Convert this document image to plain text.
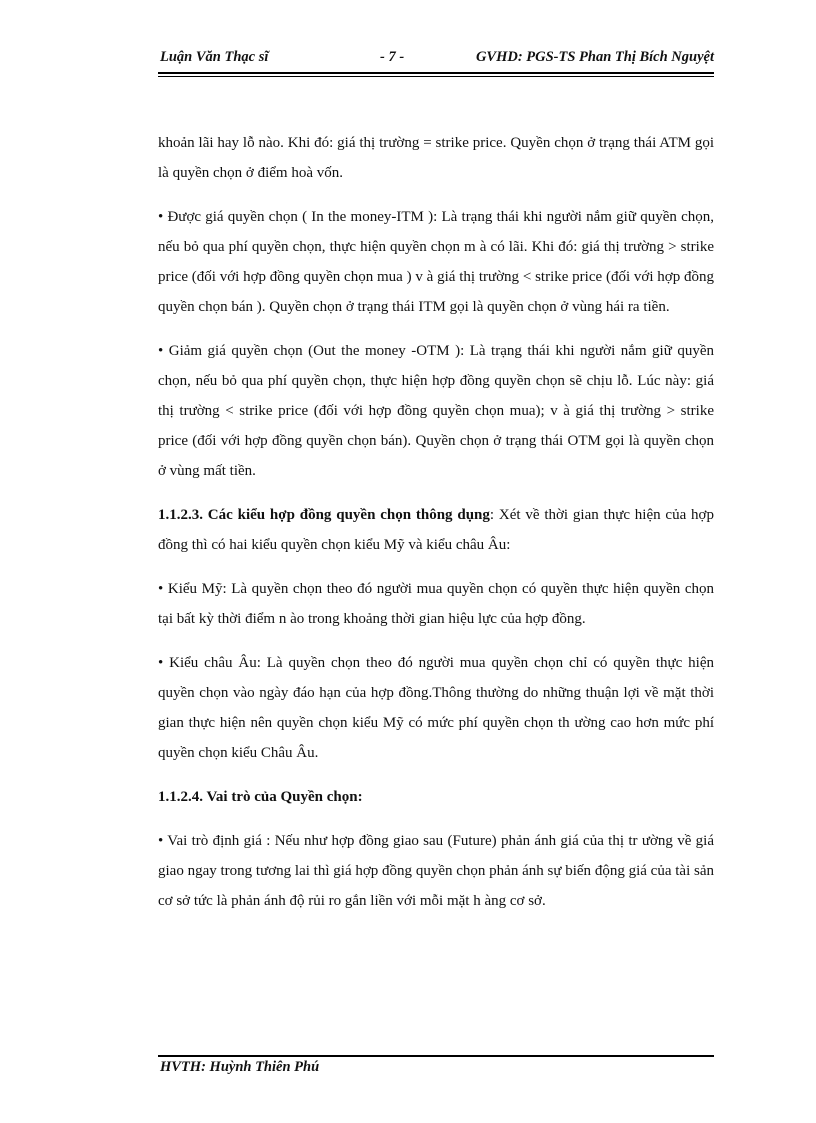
Luận Văn Thạc sĩ	- 7 -	GVHD: PGS-TS Phan Thị Bích Nguyệt

khoản lãi hay lỗ nào. Khi đó: giá thị trường = strike price. Quyền chọn ở trạng thái ATM gọi là quyền chọn ở điểm hoà vốn.

• Được giá quyền chọn ( In the money-ITM ): Là trạng thái khi người nắm giữ quyền chọn, nếu bỏ qua phí quyền chọn, thực hiện quyền chọn m à có lãi. Khi đó: giá thị trường > strike price (đối với hợp đồng quyền chọn mua ) v à giá thị trường < strike price (đối với hợp đồng quyền chọn bán ). Quyền chọn ở trạng thái ITM gọi là quyền chọn ở vùng hái ra tiền.

• Giảm giá quyền chọn (Out the money -OTM ): Là trạng thái khi người nắm giữ quyền chọn, nếu bỏ qua phí quyền chọn, thực hiện hợp đồng quyền chọn sẽ chịu lỗ. Lúc này: giá thị trường < strike price (đối với hợp đồng quyền chọn mua); v à giá thị trường > strike price (đối với hợp đồng quyền chọn bán). Quyền chọn ở trạng thái OTM gọi là quyền chọn ở vùng mất tiền.

1.1.2.3. Các kiểu hợp đồng quyền chọn thông dụng: Xét về thời gian thực hiện của hợp đồng thì có hai kiểu quyền chọn kiểu Mỹ và kiểu châu Âu:

• Kiểu Mỹ: Là quyền chọn theo đó người mua quyền chọn có quyền thực hiện quyền chọn tại bất kỳ thời điểm n ào trong khoảng thời gian hiệu lực của hợp đồng.

• Kiểu châu Âu: Là quyền chọn theo đó người mua quyền chọn chỉ có quyền thực hiện quyền chọn vào ngày đáo hạn của hợp đồng.Thông thường do những thuận lợi về mặt thời gian thực hiện nên quyền chọn kiểu Mỹ có mức phí quyền chọn th ường cao hơn mức phí quyền chọn kiểu Châu Âu.

1.1.2.4. Vai trò của Quyền chọn:

• Vai trò định giá : Nếu như hợp đồng giao sau (Future) phản ánh giá của thị tr ường về giá giao ngay trong tương lai thì giá hợp đồng quyền chọn phản ánh sự biến động giá của tài sản cơ sở tức là phản ánh độ rủi ro gắn liền với mỗi mặt h àng cơ sở.

HVTH: Huỳnh Thiên Phú
